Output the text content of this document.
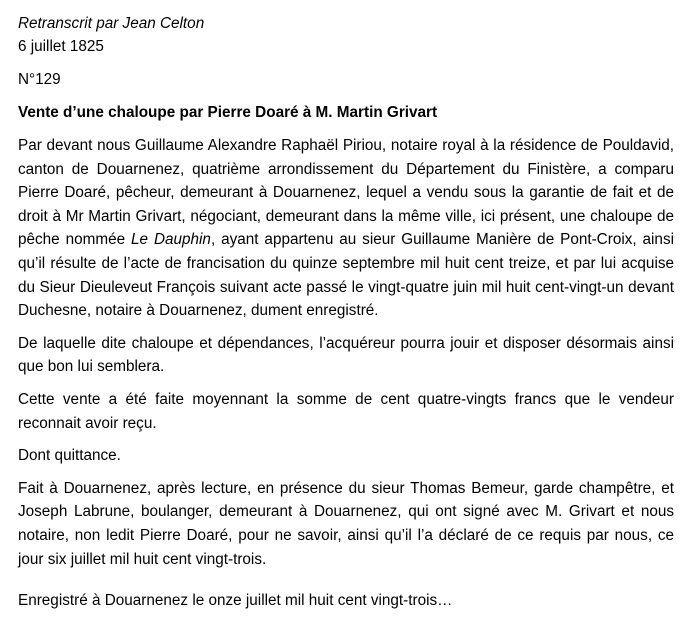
Retranscrit par Jean Celton

6 juillet 1825

N°129

Vente d’une chaloupe par Pierre Doaré à M. Martin Grivart

Par devant nous Guillaume Alexandre Raphaël Piriou, notaire royal à la résidence de Pouldavid, canton de Douarnenez, quatrième arrondissement du Département du Finistère, a comparu Pierre Doaré, pêcheur, demeurant à Douarnenez, lequel a vendu sous la garantie de fait et de droit à Mr Martin Grivart, négociant, demeurant dans la même ville, ici présent, une chaloupe de pêche nommée Le Dauphin, ayant appartenu au sieur Guillaume Manière de Pont-Croix, ainsi qu’il résulte de l’acte de francisation du quinze septembre mil huit cent treize, et par lui acquise du Sieur Dieuleveut François suivant acte passé le vingt-quatre juin mil huit cent-vingt-un devant Duchesne, notaire à Douarnenez, dument enregistré.

De laquelle dite chaloupe et dépendances, l’acquéreur pourra jouir et disposer désormais ainsi que bon lui semblera.

Cette vente a été faite moyennant la somme de cent quatre-vingts francs que le vendeur reconnait avoir reçu.

Dont quittance.

Fait à Douarnenez, après lecture, en présence du sieur Thomas Bemeur, garde champêtre, et Joseph Labrune, boulanger, demeurant à Douarnenez, qui ont signé avec M. Grivart et nous notaire, non ledit Pierre Doaré, pour ne savoir, ainsi qu’il l’a déclaré de ce requis par nous, ce jour six juillet mil huit cent vingt-trois.

Enregistré à Douarnenez le onze juillet mil huit cent vingt-trois…
